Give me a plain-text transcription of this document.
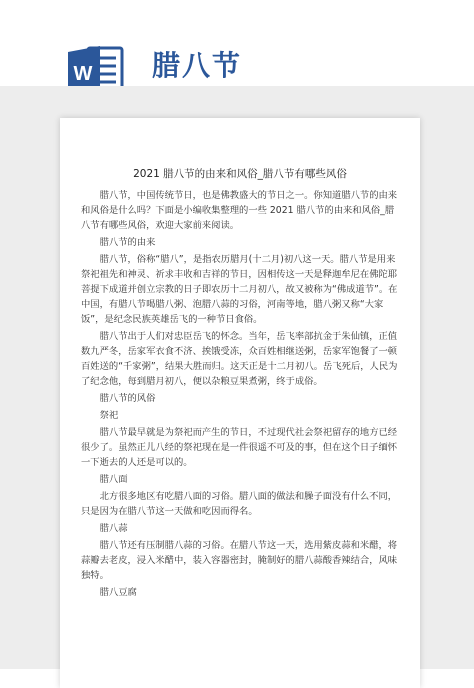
W 腊八节
2021 腊八节的由来和风俗_腊八节有哪些风俗

腊八节，中国传统节日，也是佛教盛大的节日之一。你知道腊八节的由来和风俗是什么吗？下面是小编收集整理的一些 2021 腊八节的由来和风俗_腊八节有哪些风俗，欢迎大家前来阅读。

腊八节的由来

腊八节，俗称“腊八”，是指农历腊月(十二月)初八这一天。腊八节是用来祭祀祖先和神灵、祈求丰收和吉祥的节日，因相传这一天是释迦牟尼在佛陀耶菩提下成道并创立宗教的日子即农历十二月初八，故又被称为“佛成道节”。在中国，有腊八节喝腊八粥、泡腊八蒜的习俗，河南等地，腊八粥又称“大家饭”，是纪念民族英雄岳飞的一种节日食俗。

腊八节出于人们对忠臣岳飞的怀念。当年，岳飞率部抗金于朱仙镇，正值数九严冬，岳家军衣食不济、挨饿受冻，众百姓相继送粥，岳家军饱餐了一顿百姓送的“千家粥”，结果大胜而归。这天正是十二月初八。岳飞死后，人民为了纪念他，每到腊月初八，便以杂粮豆果煮粥，终于成俗。

腊八节的风俗

祭祀

腊八节最早就是为祭祀而产生的节日，不过现代社会祭祀留存的地方已经很少了。虽然正儿八经的祭祀现在是一件很遥不可及的事，但在这个日子缅怀一下逝去的人还是可以的。

腊八面

北方很多地区有吃腊八面的习俗。腊八面的做法和臊子面没有什么不同，只是因为在腊八节这一天做和吃因而得名。

腊八蒜

腊八节还有压制腊八蒜的习俗。在腊八节这一天，选用紫皮蒜和米醋，将蒜瓣去老皮，浸入米醋中，装入容器密封，腌制好的腊八蒜酸香辣结合，风味独特。

腊八豆腐
